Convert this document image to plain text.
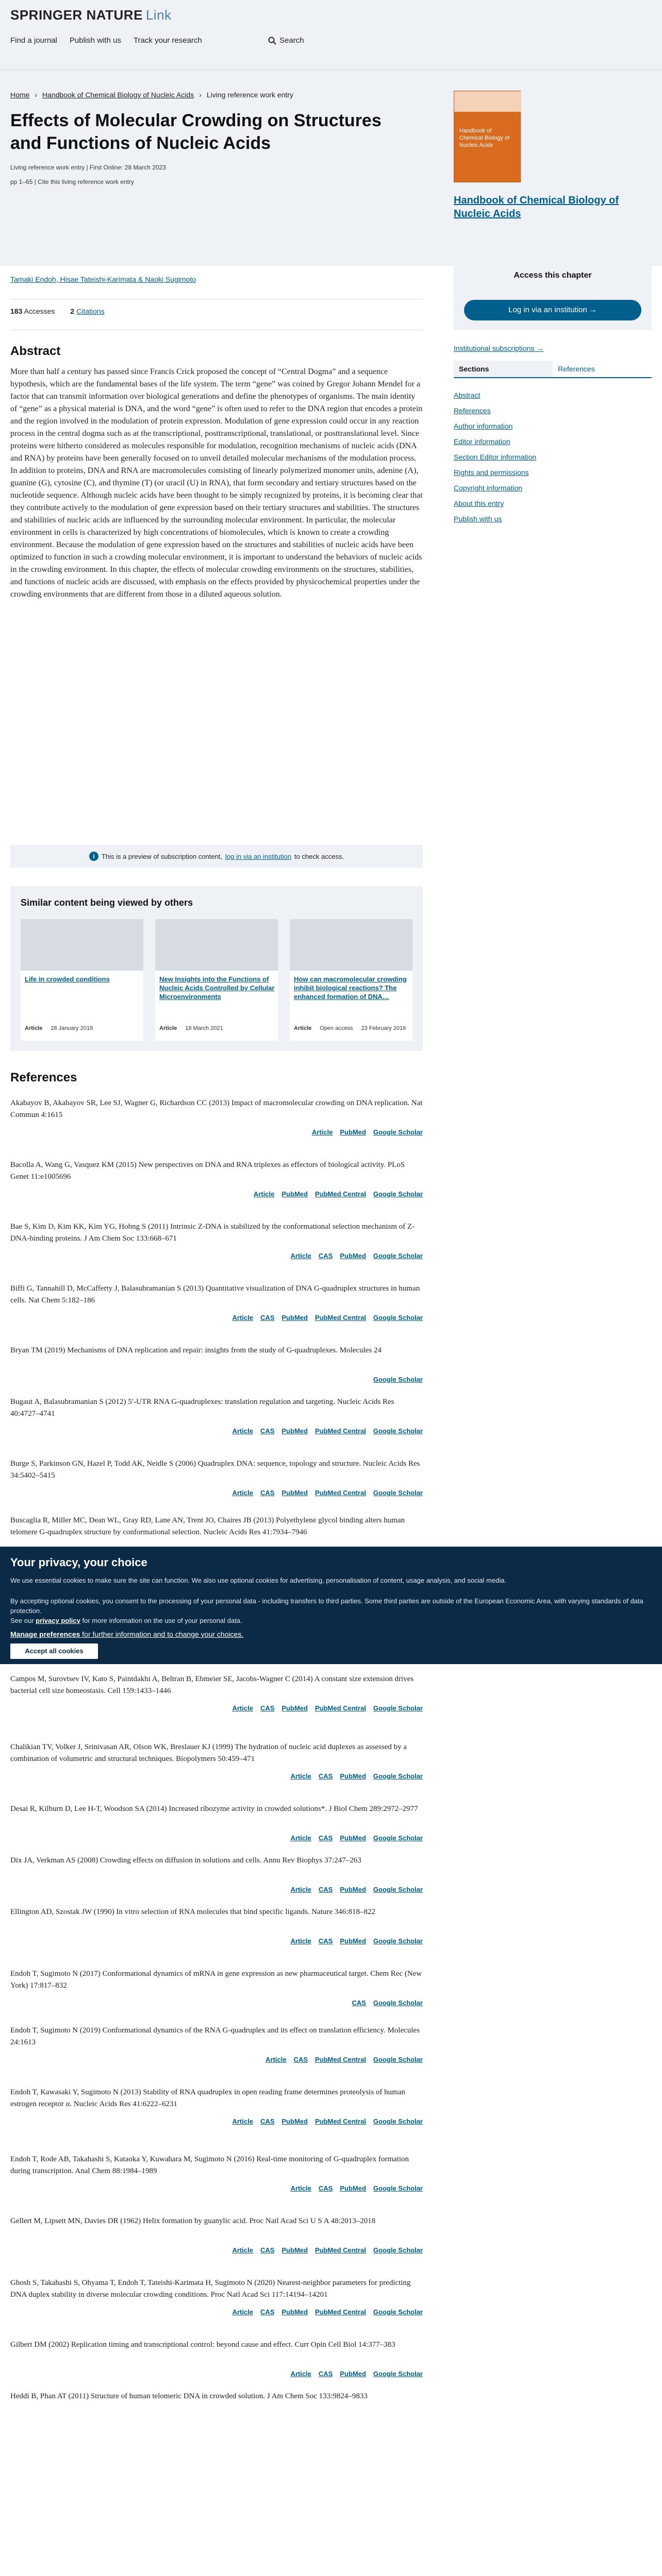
SPRINGER NATURE Link
Find a journal Publish with us Track your research	Search
Home › Handbook of Chemical Biology of Nucleic Acids › Living reference work entry
Effects of Molecular Crowding on Structures and Functions of Nucleic Acids
Living reference work entry | First Online: 28 March 2023
pp 1–65 | Cite this living reference work entry
Handbook of Chemical Biology of Nucleic Acids
Handbook of Chemical Biology of Nucleic Acids
Tamaki Endoh, Hisae Tateishi-Karimata & Naoki Sugimoto
183 Accesses 2 Citations
Access this chapter
Log in via an institution →
Institutional subscriptions →
Sections	References
Abstract
References
Author information
Editor information
Section Editor information
Rights and permissions
Copyright information
About this entry
Publish with us
Abstract

More than half a century has passed since Francis Crick proposed the concept of “Central Dogma” and a sequence hypothesis, which are the fundamental bases of the life system. The term “gene” was coined by Gregor Johann Mendel for a factor that can transmit information over biological generations and define the phenotypes of organisms. The main identity of “gene” as a physical material is DNA, and the word “gene” is often used to refer to the DNA region that encodes a protein and the region involved in the modulation of protein expression. Modulation of gene expression could occur in any reaction process in the central dogma such as at the transcriptional, posttranscriptional, translational, or posttranslational level. Since proteins were hitherto considered as molecules responsible for modulation, recognition mechanisms of nucleic acids (DNA and RNA) by proteins have been generally focused on to unveil detailed molecular mechanisms of the modulation process. In addition to proteins, DNA and RNA are macromolecules consisting of linearly polymerized monomer units, adenine (A), guanine (G), cytosine (C), and thymine (T) (or uracil (U) in RNA), that form secondary and tertiary structures based on the nucleotide sequence. Although nucleic acids have been thought to be simply recognized by proteins, it is becoming clear that they contribute actively to the modulation of gene expression based on their tertiary structures and stabilities. The structures and stabilities of nucleic acids are influenced by the surrounding molecular environment. In particular, the molecular environment in cells is characterized by high concentrations of biomolecules, which is known to create a crowding environment. Because the modulation of gene expression based on the structures and stabilities of nucleic acids have been optimized to function in such a crowding molecular environment, it is important to understand the behaviors of nucleic acids in the crowding environment. In this chapter, the effects of molecular crowding environments on the structures, stabilities, and functions of nucleic acids are discussed, with emphasis on the effects provided by physicochemical properties under the crowding environments that are different from those in a diluted aqueous solution.

i	This is a preview of subscription content, log in via an institution to check access.
Similar content being viewed by others
Life in crowded conditions
Article 28 January 2019
New Insights into the Functions of Nucleic Acids Controlled by Cellular Microenvironments
Article 18 March 2021
How can macromolecular crowding inhibit biological reactions? The enhanced formation of DNA…
Article Open access 23 February 2016
References
Akabayov B, Akabayov SR, Lee SJ, Wagner G, Richardson CC (2013) Impact of macromolecular crowding on DNA replication. Nat Commun 4:1615
Article PubMed Google Scholar
Bacolla A, Wang G, Vasquez KM (2015) New perspectives on DNA and RNA triplexes as effectors of biological activity. PLoS Genet 11:e1005696
Article PubMed PubMed Central Google Scholar
Bae S, Kim D, Kim KK, Kim YG, Hohng S (2011) Intrinsic Z-DNA is stabilized by the conformational selection mechanism of Z-DNA-binding proteins. J Am Chem Soc 133:668–671
Article CAS PubMed Google Scholar
Biffi G, Tannahill D, McCafferty J, Balasubramanian S (2013) Quantitative visualization of DNA G-quadruplex structures in human cells. Nat Chem 5:182–186
Article CAS PubMed PubMed Central Google Scholar
Bryan TM (2019) Mechanisms of DNA replication and repair: insights from the study of G-quadruplexes. Molecules 24
Google Scholar
Bugaut A, Balasubramanian S (2012) 5′-UTR RNA G-quadruplexes: translation regulation and targeting. Nucleic Acids Res 40:4727–4741
Article CAS PubMed PubMed Central Google Scholar
Burge S, Parkinson GN, Hazel P, Todd AK, Neidle S (2006) Quadruplex DNA: sequence, topology and structure. Nucleic Acids Res 34:5402–5415
Article CAS PubMed PubMed Central Google Scholar
Buscaglia R, Miller MC, Dean WL, Gray RD, Lane AN, Trent JO, Chaires JB (2013) Polyethylene glycol binding alters human telomere G-quadruplex structure by conformational selection. Nucleic Acids Res 41:7934–7946
Campos M, Surovtsev IV, Kato S, Paintdakhi A, Beltran B, Ebmeier SE, Jacobs-Wagner C (2014) A constant size extension drives bacterial cell size homeostasis. Cell 159:1433–1446
Article CAS PubMed PubMed Central Google Scholar
Chalikian TV, Volker J, Srinivasan AR, Olson WK, Breslauer KJ (1999) The hydration of nucleic acid duplexes as assessed by a combination of volumetric and structural techniques. Biopolymers 50:459–471
Article CAS PubMed Google Scholar
Desai R, Kilburn D, Lee H-T, Woodson SA (2014) Increased ribozyme activity in crowded solutions*. J Biol Chem 289:2972–2977
Article CAS PubMed Google Scholar
Dix JA, Verkman AS (2008) Crowding effects on diffusion in solutions and cells. Annu Rev Biophys 37:247–263
Article CAS PubMed Google Scholar
Ellington AD, Szostak JW (1990) In vitro selection of RNA molecules that bind specific ligands. Nature 346:818–822
Article CAS PubMed Google Scholar
Endoh T, Sugimoto N (2017) Conformational dynamics of mRNA in gene expression as new pharmaceutical target. Chem Rec (New York) 17:817–832
CAS Google Scholar
Endoh T, Sugimoto N (2019) Conformational dynamics of the RNA G-quadruplex and its effect on translation efficiency. Molecules 24:1613
Article CAS PubMed Central Google Scholar
Endoh T, Kawasaki Y, Sugimoto N (2013) Stability of RNA quadruplex in open reading frame determines proteolysis of human estrogen receptor α. Nucleic Acids Res 41:6222–6231
Article CAS PubMed PubMed Central Google Scholar
Endoh T, Rode AB, Takahashi S, Kataoka Y, Kuwahara M, Sugimoto N (2016) Real-time monitoring of G-quadruplex formation during transcription. Anal Chem 88:1984–1989
Article CAS PubMed Google Scholar
Gellert M, Lipsett MN, Davies DR (1962) Helix formation by guanylic acid. Proc Natl Acad Sci U S A 48:2013–2018
Article CAS PubMed PubMed Central Google Scholar
Ghosh S, Takahashi S, Ohyama T, Endoh T, Tateishi-Karimata H, Sugimoto N (2020) Nearest-neighbor parameters for predicting DNA duplex stability in diverse molecular crowding conditions. Proc Natl Acad Sci 117:14194–14201
Article CAS PubMed PubMed Central Google Scholar
Gilbert DM (2002) Replication timing and transcriptional control: beyond cause and effect. Curr Opin Cell Biol 14:377–383
Article CAS PubMed Google Scholar
Heddi B, Phan AT (2011) Structure of human telomeric DNA in crowded solution. J Am Chem Soc 133:9824–9833
Your privacy, your choice

We use essential cookies to make sure the site can function. We also use optional cookies for advertising, personalisation of content, usage analysis, and social media.

By accepting optional cookies, you consent to the processing of your personal data - including transfers to third parties. Some third parties are outside of the European Economic Area, with varying standards of data protection.

See our privacy policy for more information on the use of your personal data.

Manage preferences for further information and to change your choices.
Accept all cookies
